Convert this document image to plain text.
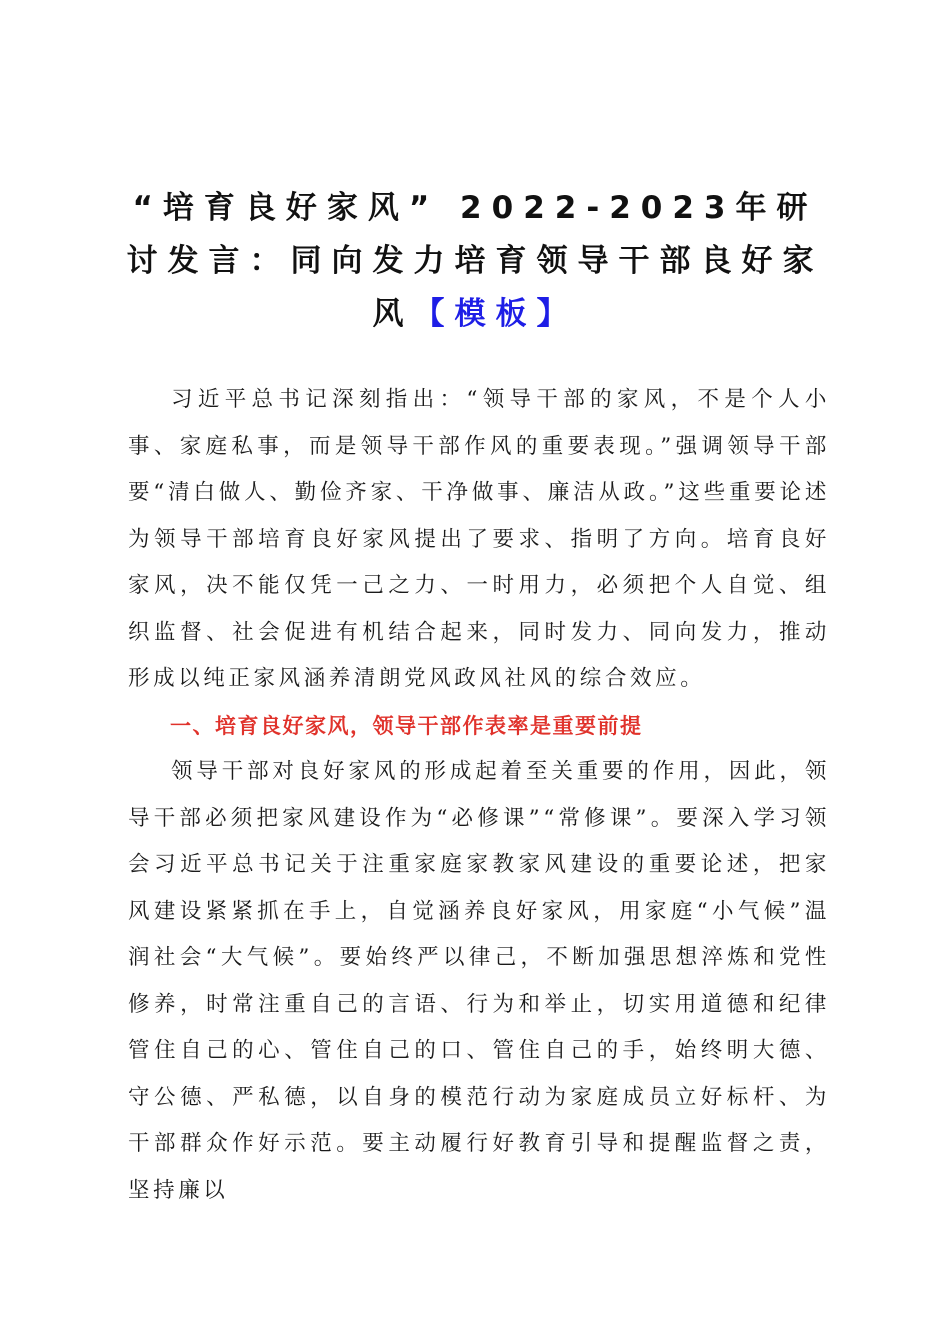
“培育良好家风” 2022-2023年研讨发言：同向发力培育领导干部良好家风【模板】

习近平总书记深刻指出：“领导干部的家风，不是个人小事、家庭私事，而是领导干部作风的重要表现。”强调领导干部要“清白做人、勤俭齐家、干净做事、廉洁从政。”这些重要论述为领导干部培育良好家风提出了要求、指明了方向。培育良好家风，决不能仅凭一己之力、一时用力，必须把个人自觉、组织监督、社会促进有机结合起来，同时发力、同向发力，推动形成以纯正家风涵养清朗党风政风社风的综合效应。

一、培育良好家风，领导干部作表率是重要前提

领导干部对良好家风的形成起着至关重要的作用，因此，领导干部必须把家风建设作为“必修课”“常修课”。要深入学习领会习近平总书记关于注重家庭家教家风建设的重要论述，把家风建设紧紧抓在手上，自觉涵养良好家风，用家庭“小气候”温润社会“大气候”。要始终严以律己，不断加强思想淬炼和党性修养，时常注重自己的言语、行为和举止，切实用道德和纪律管住自己的心、管住自己的口、管住自己的手，始终明大德、守公德、严私德，以自身的模范行动为家庭成员立好标杆、为干部群众作好示范。要主动履行好教育引导和提醒监督之责，坚持廉以
